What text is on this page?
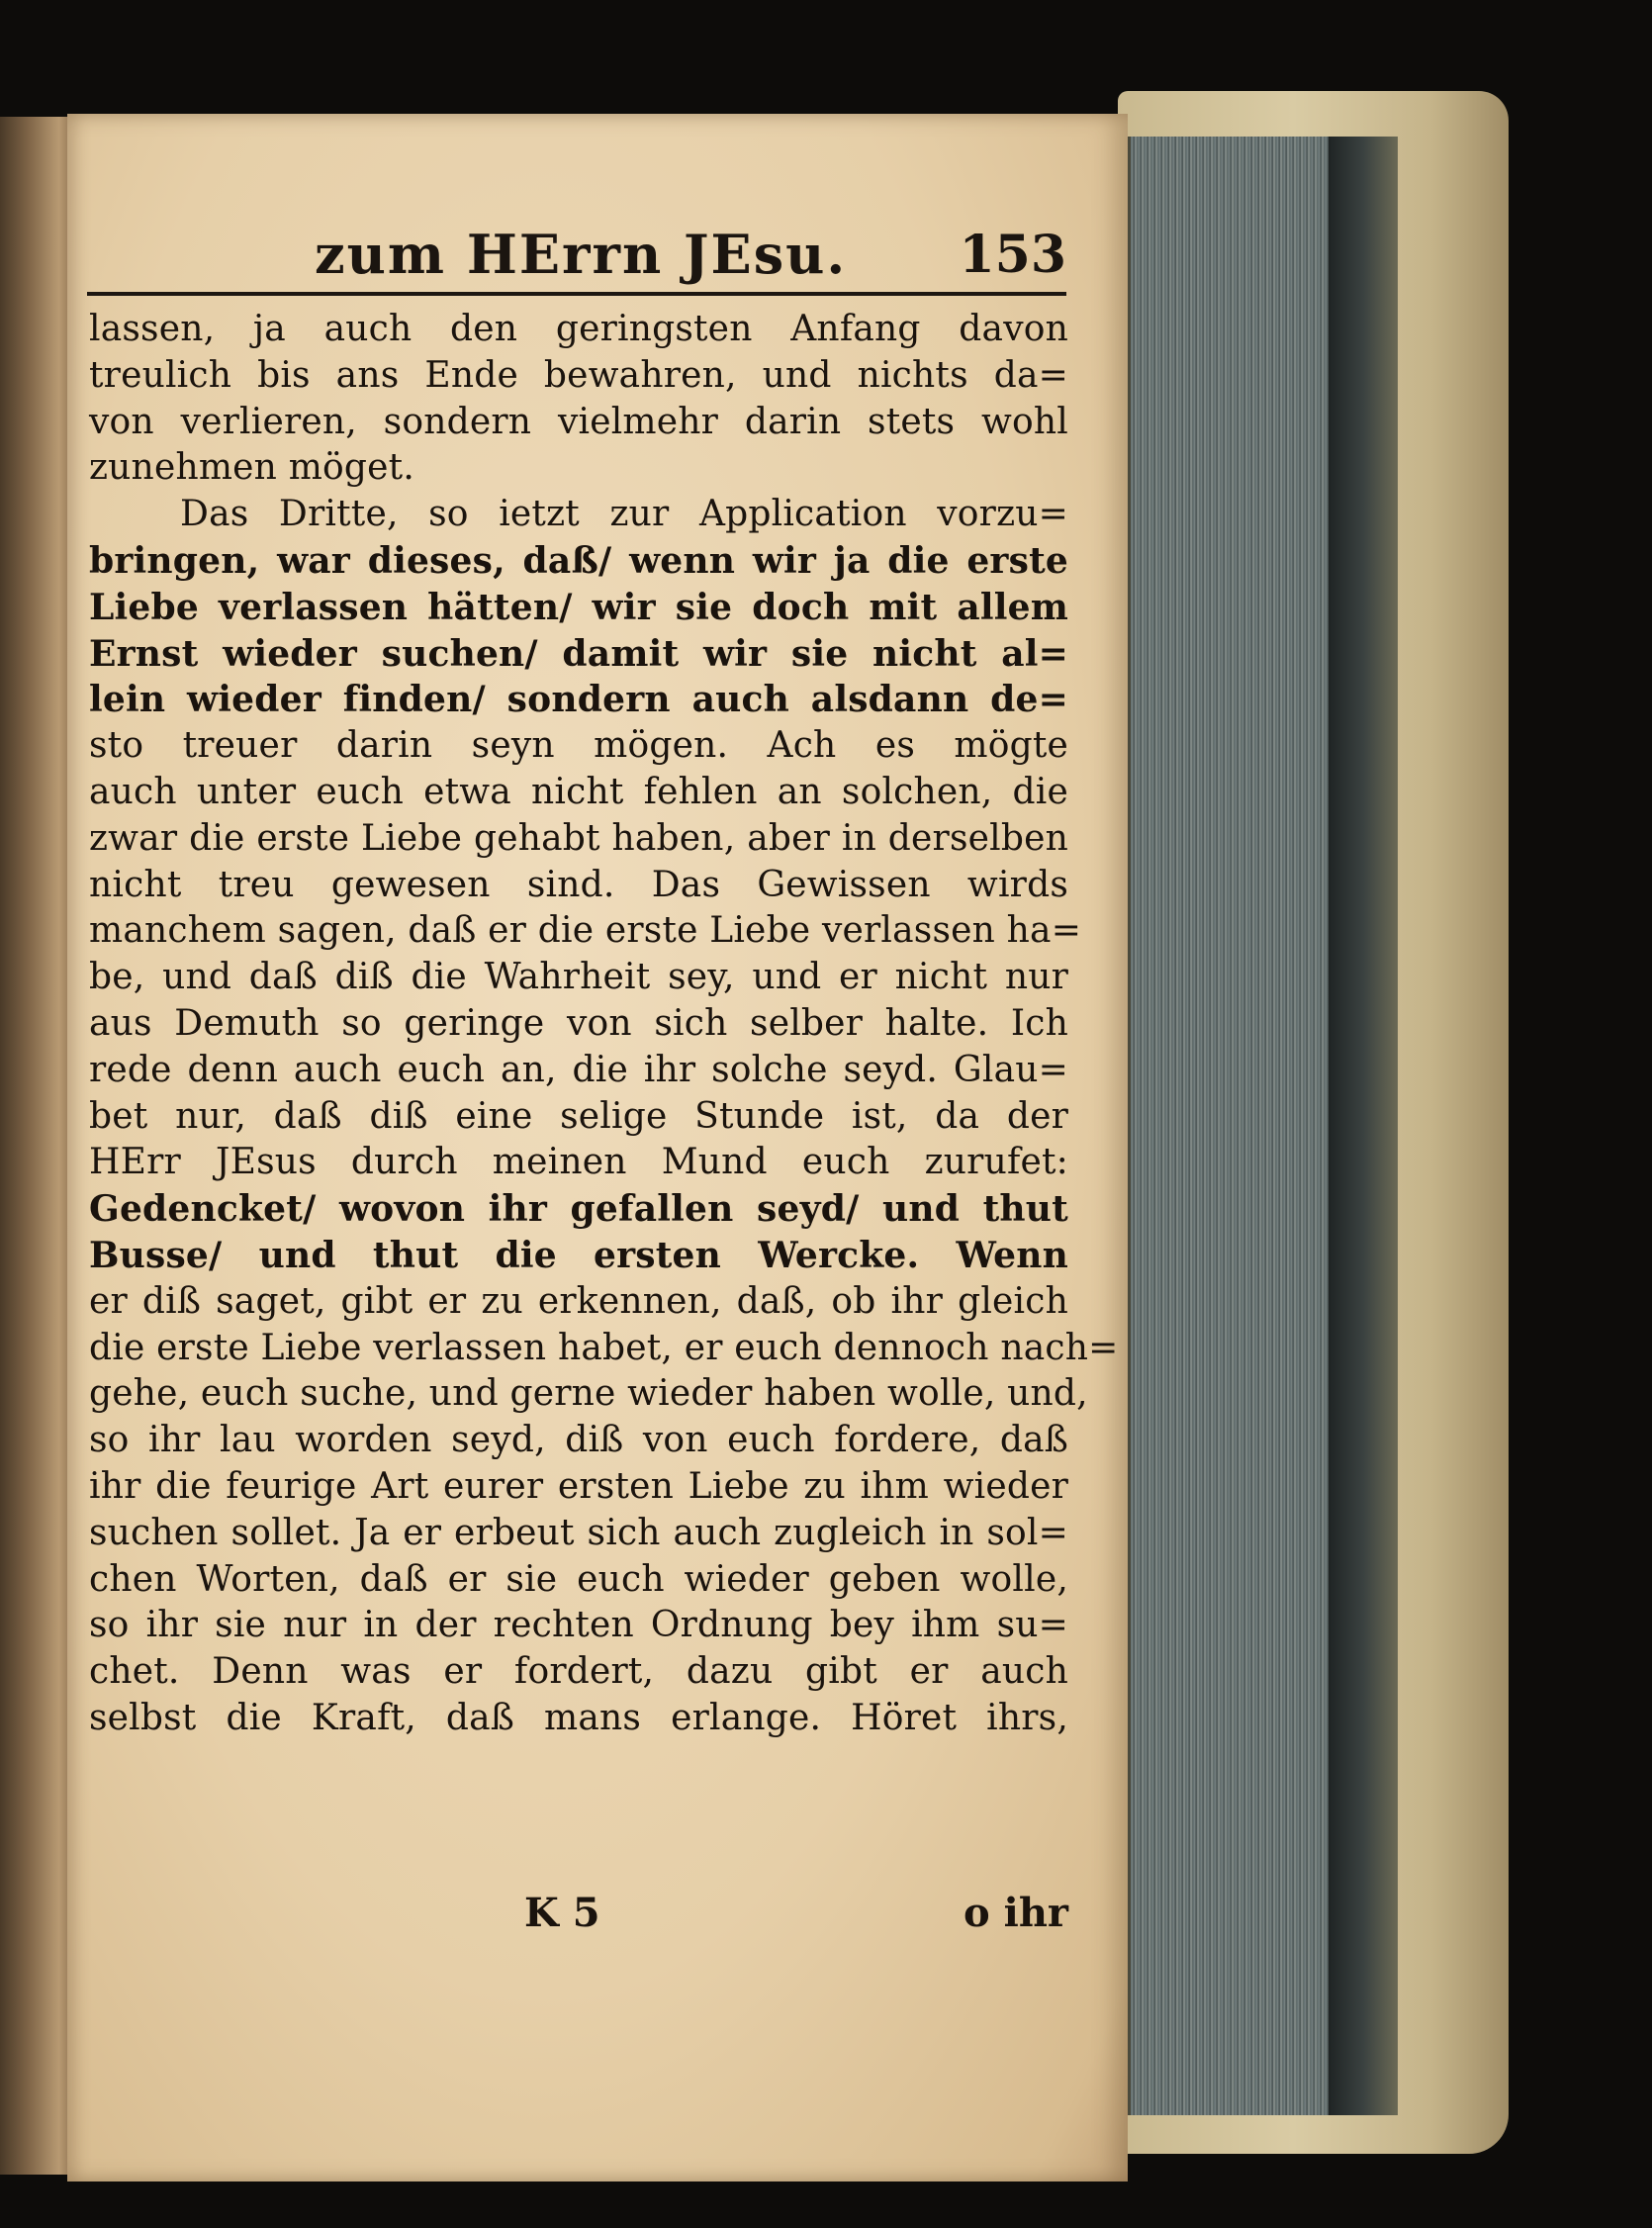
zum HErrn JEsu. 153
lassen, ja auch den geringsten Anfang davon
treulich bis ans Ende bewahren, und nichts da=
von verlieren, sondern vielmehr darin stets wohl
zunehmen möget.
Das Dritte, so ietzt zur Application vorzu=
bringen, war dieses, daß/ wenn wir ja die erste
Liebe verlassen hätten/ wir sie doch mit allem
Ernst wieder suchen/ damit wir sie nicht al=
lein wieder finden/ sondern auch alsdann de=
sto treuer darin seyn mögen. Ach es mögte
auch unter euch etwa nicht fehlen an solchen, die
zwar die erste Liebe gehabt haben, aber in derselben
nicht treu gewesen sind. Das Gewissen wirds
manchem sagen, daß er die erste Liebe verlassen ha=
be, und daß diß die Wahrheit sey, und er nicht nur
aus Demuth so geringe von sich selber halte. Ich
rede denn auch euch an, die ihr solche seyd. Glau=
bet nur, daß diß eine selige Stunde ist, da der
HErr JEsus durch meinen Mund euch zurufet:
Gedencket/ wovon ihr gefallen seyd/ und thut
Busse/ und thut die ersten Wercke. Wenn
er diß saget, gibt er zu erkennen, daß, ob ihr gleich
die erste Liebe verlassen habet, er euch dennoch nach=
gehe, euch suche, und gerne wieder haben wolle, und,
so ihr lau worden seyd, diß von euch fordere, daß
ihr die feurige Art eurer ersten Liebe zu ihm wieder
suchen sollet. Ja er erbeut sich auch zugleich in sol=
chen Worten, daß er sie euch wieder geben wolle,
so ihr sie nur in der rechten Ordnung bey ihm su=
chet. Denn was er fordert, dazu gibt er auch
selbst die Kraft, daß mans erlange. Höret ihrs,
K 5	o ihr
